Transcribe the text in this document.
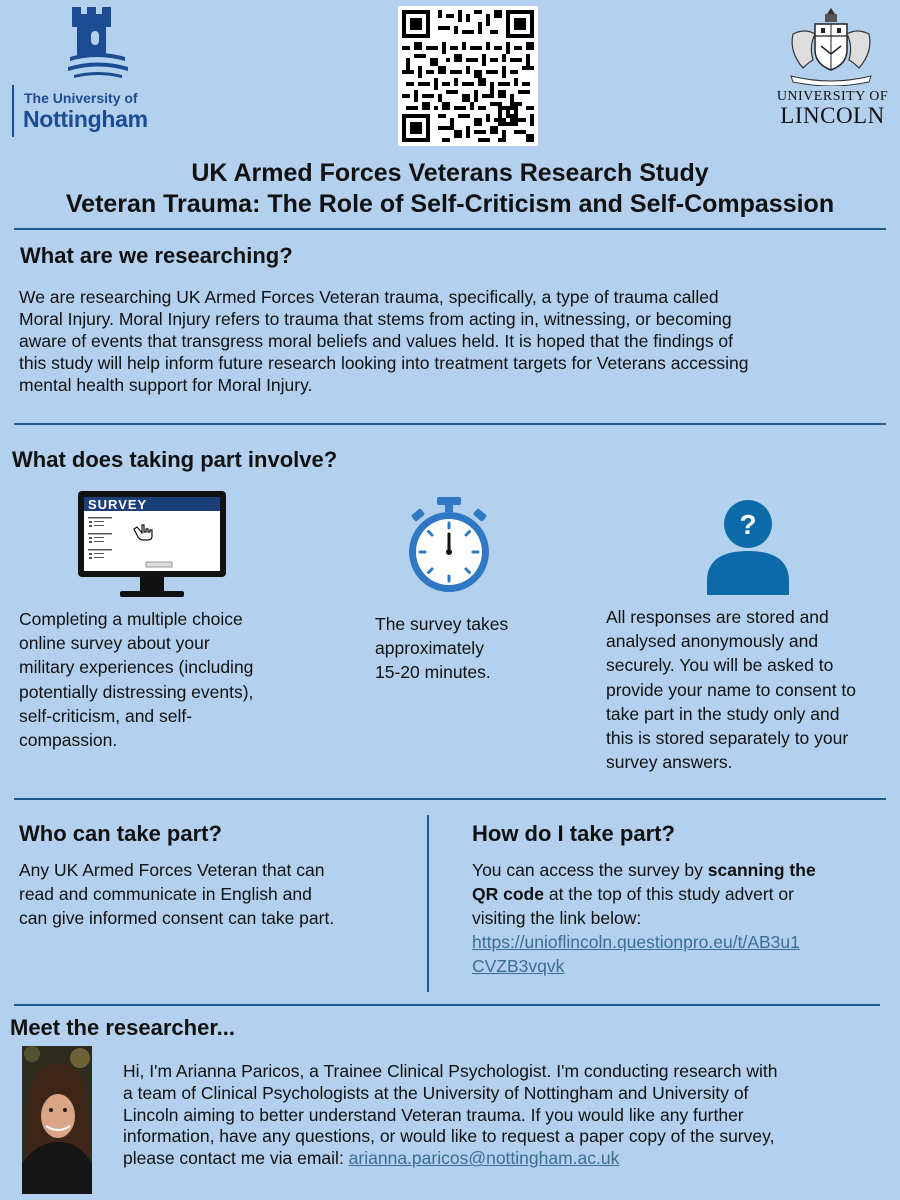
The University of
Nottingham
UNIVERSITY OF
LINCOLN
UK Armed Forces Veterans Research Study
Veteran Trauma: The Role of Self-Criticism and Self-Compassion
What are we researching?
We are researching UK Armed Forces Veteran trauma, specifically, a type of trauma called
Moral Injury. Moral Injury refers to trauma that stems from acting in, witnessing, or becoming
aware of events that transgress moral beliefs and values held. It is hoped that the findings of
this study will help inform future research looking into treatment targets for Veterans accessing
mental health support for Moral Injury.
What does taking part involve?
SURVEY
?
Completing a multiple choice
online survey about your
military experiences (including
potentially distressing events),
self-criticism, and self-
compassion.
The survey takes
approximately
15-20 minutes.
All responses are stored and
analysed anonymously and
securely. You will be asked to
provide your name to consent to
take part in the study only and
this is stored separately to your
survey answers.
Who can take part?
Any UK Armed Forces Veteran that can
read and communicate in English and
can give informed consent can take part.
How do I take part?
You can access the survey by scanning the
QR code at the top of this study advert or
visiting the link below:
https://unioflincoln.questionpro.eu/t/AB3u1
CVZB3vqvk
Meet the researcher...
Hi, I'm Arianna Paricos, a Trainee Clinical Psychologist. I'm conducting research with
a team of Clinical Psychologists at the University of Nottingham and University of
Lincoln aiming to better understand Veteran trauma. If you would like any further
information, have any questions, or would like to request a paper copy of the survey,
please contact me via email: arianna.paricos@nottingham.ac.uk
